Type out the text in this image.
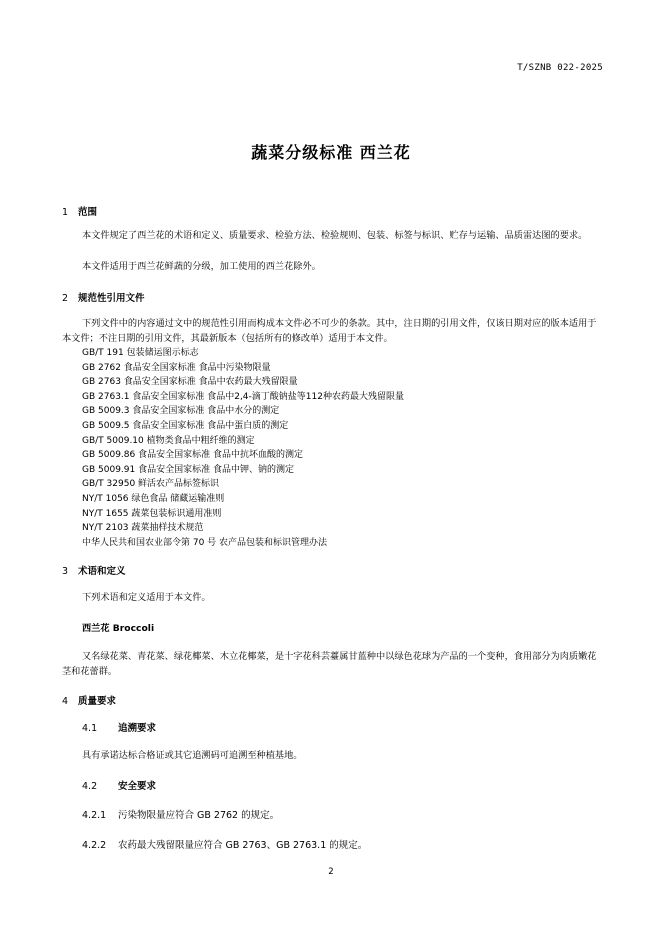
T/SZNB 022-2025
蔬菜分级标准 西兰花
1 范围
本文件规定了西兰花的术语和定义、质量要求、检验方法、检验规则、包装、标签与标识、贮存与运输、品质雷达图的要求。
本文件适用于西兰花鲜蔬的分级，加工使用的西兰花除外。
2 规范性引用文件
下列文件中的内容通过文中的规范性引用而构成本文件必不可少的条款。其中，注日期的引用文件，仅该日期对应的版本适用于本文件；不注日期的引用文件，其最新版本（包括所有的修改单）适用于本文件。
GB/T 191 包装储运图示标志
GB 2762 食品安全国家标准 食品中污染物限量
GB 2763 食品安全国家标准 食品中农药最大残留限量
GB 2763.1 食品安全国家标准 食品中2,4-滴丁酸钠盐等112种农药最大残留限量
GB 5009.3 食品安全国家标准 食品中水分的测定
GB 5009.5 食品安全国家标准 食品中蛋白质的测定
GB/T 5009.10 植物类食品中粗纤维的测定
GB 5009.86 食品安全国家标准 食品中抗坏血酸的测定
GB 5009.91 食品安全国家标准 食品中钾、钠的测定
GB/T 32950 鲜活农产品标签标识
NY/T 1056 绿色食品 储藏运输准则
NY/T 1655 蔬菜包装标识通用准则
NY/T 2103 蔬菜抽样技术规范
中华人民共和国农业部令第 70 号 农产品包装和标识管理办法
3 术语和定义
下列术语和定义适用于本文件。
西兰花 Broccoli
又名绿花菜、青花菜、绿花椰菜、木立花椰菜，是十字花科芸薹属甘蓝种中以绿色花球为产品的一个变种，食用部分为肉质嫩花茎和花蕾群。
4 质量要求
4.1 追溯要求
具有承诺达标合格证或其它追溯码可追溯至种植基地。
4.2 安全要求
4.2.1 污染物限量应符合 GB 2762 的规定。
4.2.2 农药最大残留限量应符合 GB 2763、GB 2763.1 的规定。
2
